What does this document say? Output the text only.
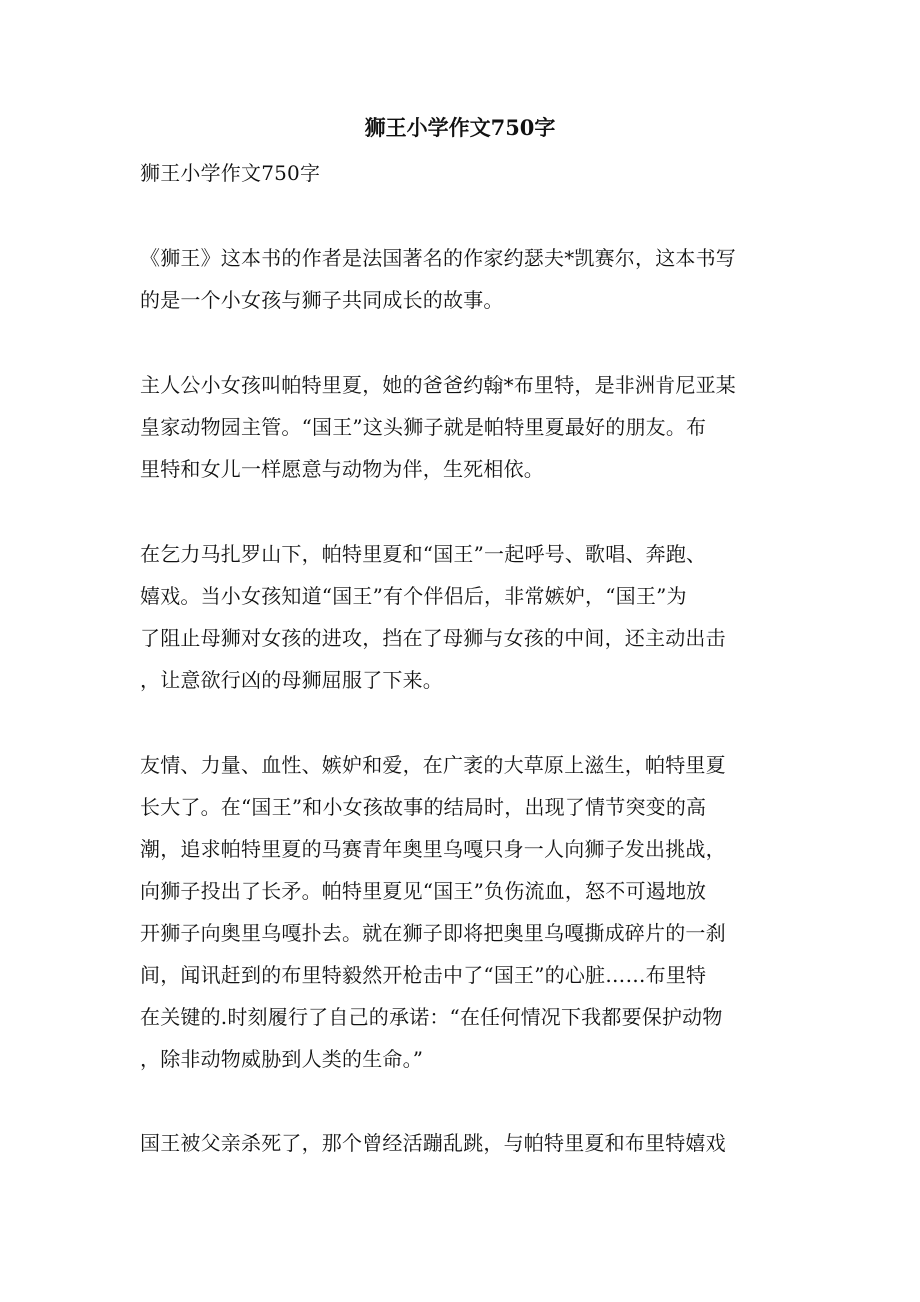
狮王小学作文750字
狮王小学作文750字
《狮王》这本书的作者是法国著名的作家约瑟夫*凯赛尔，这本书写
的是一个小女孩与狮子共同成长的故事。
主人公小女孩叫帕特里夏，她的爸爸约翰*布里特，是非洲肯尼亚某
皇家动物园主管。“国王”这头狮子就是帕特里夏最好的朋友。布
里特和女儿一样愿意与动物为伴，生死相依。
在乞力马扎罗山下，帕特里夏和“国王”一起呼号、歌唱、奔跑、
嬉戏。当小女孩知道“国王”有个伴侣后，非常嫉妒，“国王”为
了阻止母狮对女孩的进攻，挡在了母狮与女孩的中间，还主动出击
，让意欲行凶的母狮屈服了下来。
友情、力量、血性、嫉妒和爱，在广袤的大草原上滋生，帕特里夏
长大了。在“国王”和小女孩故事的结局时，出现了情节突变的高
潮，追求帕特里夏的马赛青年奥里乌嘎只身一人向狮子发出挑战，
向狮子投出了长矛。帕特里夏见“国王”负伤流血，怒不可遏地放
开狮子向奥里乌嘎扑去。就在狮子即将把奥里乌嘎撕成碎片的一刹
间，闻讯赶到的布里特毅然开枪击中了“国王”的心脏……布里特
在关键的.时刻履行了自己的承诺：“在任何情况下我都要保护动物
，除非动物威胁到人类的生命。”
国王被父亲杀死了，那个曾经活蹦乱跳，与帕特里夏和布里特嬉戏
